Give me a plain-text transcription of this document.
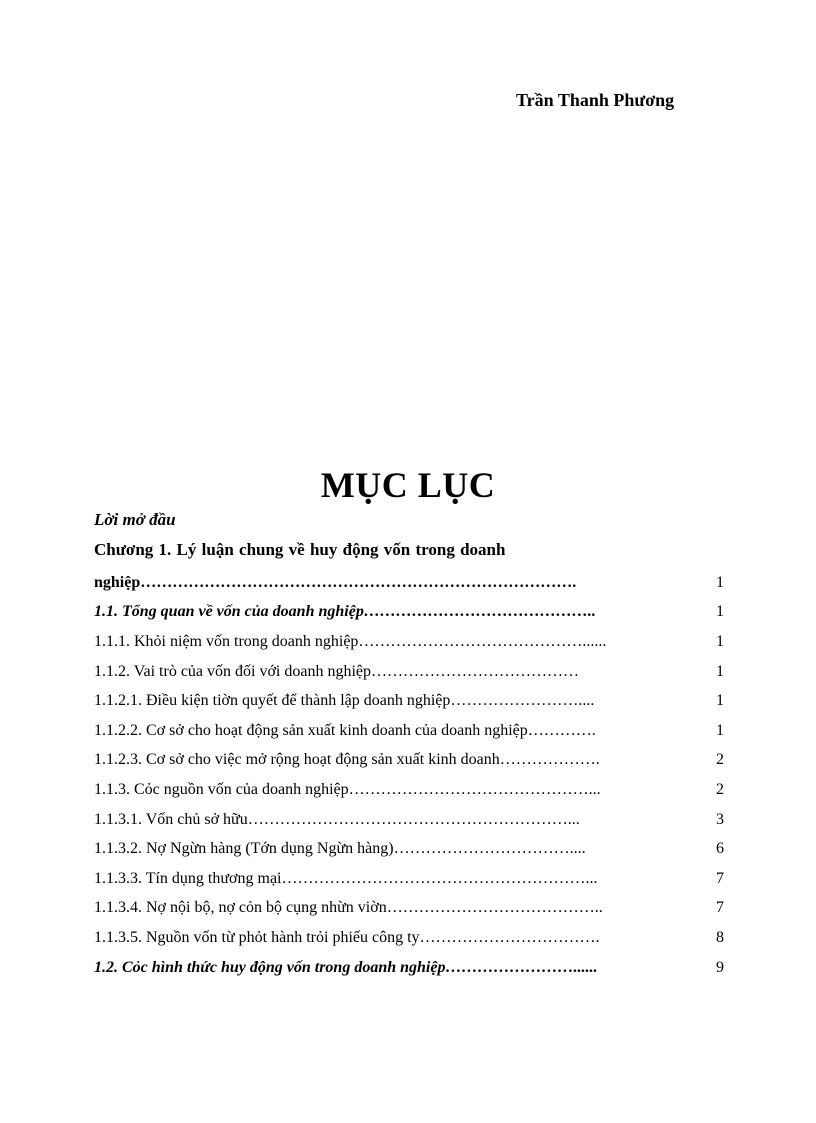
Trần Thanh Phương
MỤC LỤC
Lời mở đầu
Chương 1. Lý luận chung về huy động vốn trong doanh
nghiệp……………………………………………………………………….	1
1.1. Tổng quan về vốn của doanh nghiệp……………………………………..	1
1.1.1. Khỏi niệm vốn trong doanh nghiệp……………………………………......	1
1.1.2. Vai trò của vốn đối với doanh nghiệp…………………………………	1
1.1.2.1. Điều kiện tiờn quyết để thành lập doanh nghiệp……………………....	1
1.1.2.2. Cơ sở cho hoạt động sản xuất kinh doanh của doanh nghiệp………….	1
1.1.2.3. Cơ sở cho việc mở rộng hoạt động sản xuất kinh doanh……………….	2
1.1.3. Cỏc nguồn vốn của doanh nghiệp………………………………………...	2
1.1.3.1. Vốn chủ sở hữu……………………………………………………...	3
1.1.3.2. Nợ Ngừn hàng (Tớn dụng Ngừn hàng)……………………………....	6
1.1.3.3. Tín dụng thương mại…………………………………………………...	7
1.1.3.4. Nợ nội bộ, nợ cỏn bộ cụng nhừn viờn…………………………………..	7
1.1.3.5. Nguồn vốn từ phỏt hành trỏi phiếu công ty…………………………….	8
1.2. Cỏc hình thức huy động vốn trong doanh nghiệp……………………......	9
